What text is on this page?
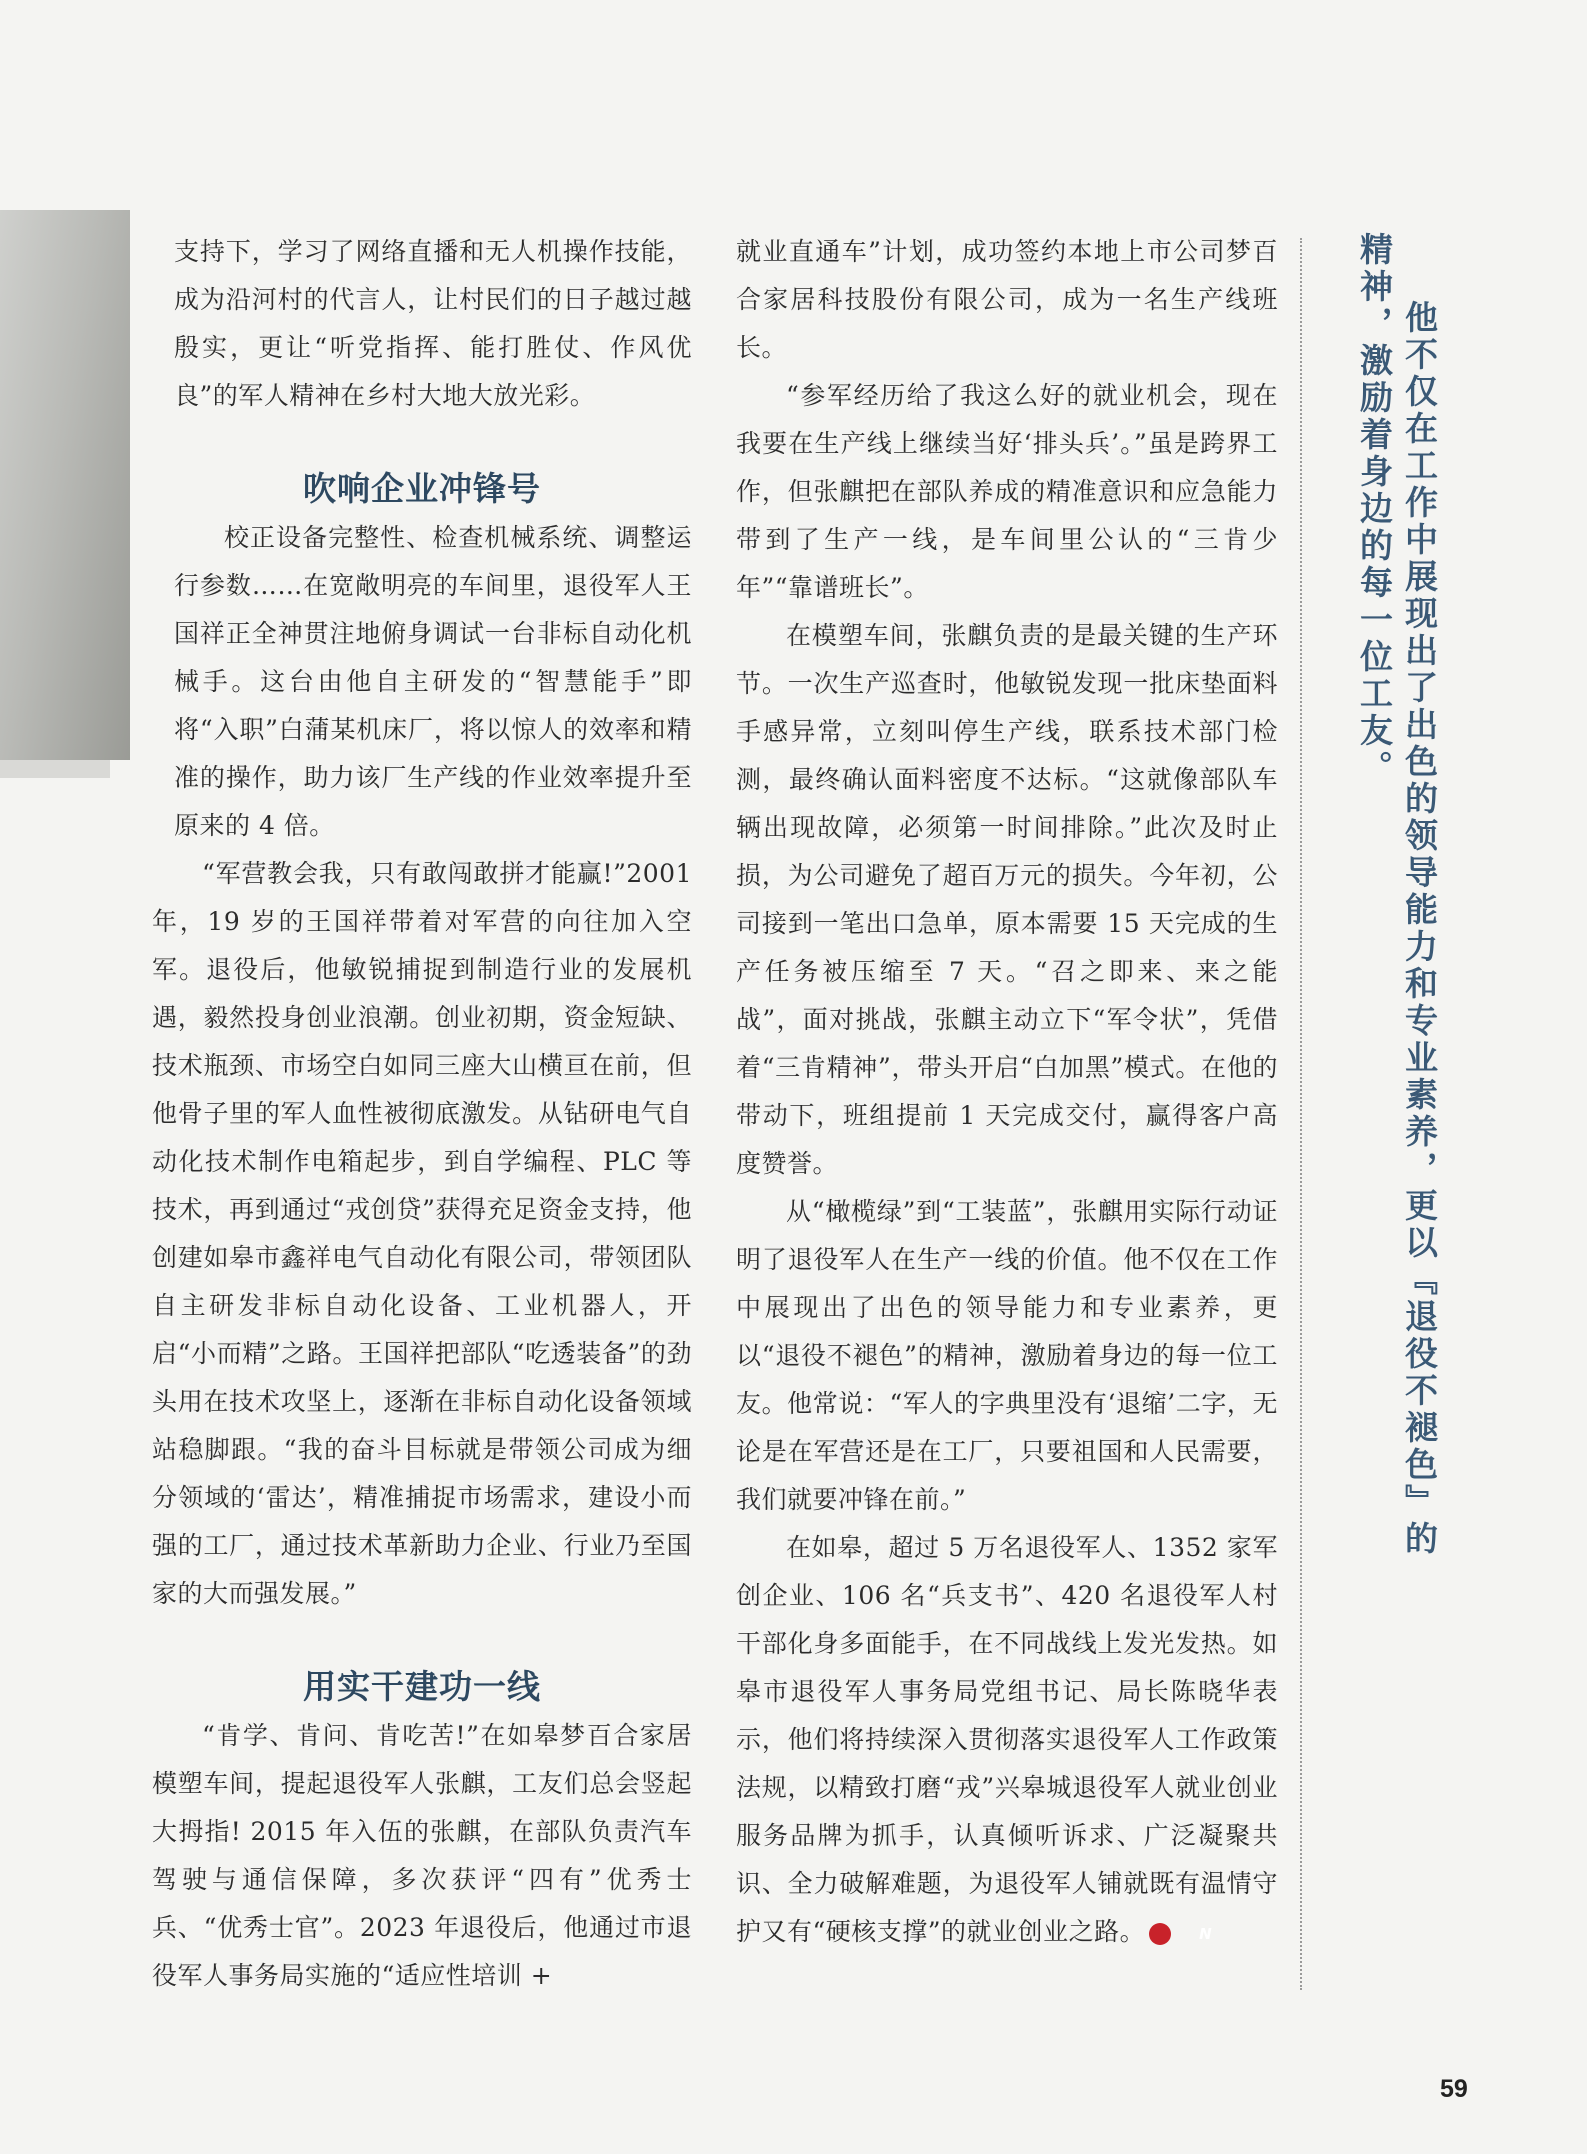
支持下，学习了网络直播和无人机操作技能，成为沿河村的代言人，让村民们的日子越过越殷实，更让“听党指挥、能打胜仗、作风优良”的军人精神在乡村大地大放光彩。

吹响企业冲锋号

校正设备完整性、检查机械系统、调整运行参数……在宽敞明亮的车间里，退役军人王国祥正全神贯注地俯身调试一台非标自动化机械手。这台由他自主研发的“智慧能手”即将“入职”白蒲某机床厂，将以惊人的效率和精准的操作，助力该厂生产线的作业效率提升至原来的 4 倍。

“军营教会我，只有敢闯敢拼才能赢!”2001 年，19 岁的王国祥带着对军营的向往加入空军。退役后，他敏锐捕捉到制造行业的发展机遇，毅然投身创业浪潮。创业初期，资金短缺、技术瓶颈、市场空白如同三座大山横亘在前，但他骨子里的军人血性被彻底激发。从钻研电气自动化技术制作电箱起步，到自学编程、PLC 等技术，再到通过“戎创贷”获得充足资金支持，他创建如皋市鑫祥电气自动化有限公司，带领团队自主研发非标自动化设备、工业机器人，开启“小而精”之路。王国祥把部队“吃透装备”的劲头用在技术攻坚上，逐渐在非标自动化设备领域站稳脚跟。“我的奋斗目标就是带领公司成为细分领域的‘雷达’，精准捕捉市场需求，建设小而强的工厂，通过技术革新助力企业、行业乃至国家的大而强发展。”

用实干建功一线

“肯学、肯问、肯吃苦!”在如皋梦百合家居模塑车间，提起退役军人张麒，工友们总会竖起大拇指! 2015 年入伍的张麒，在部队负责汽车驾驶与通信保障，多次获评“四有”优秀士兵、“优秀士官”。2023 年退役后，他通过市退役军人事务局实施的“适应性培训 +

就业直通车”计划，成功签约本地上市公司梦百合家居科技股份有限公司，成为一名生产线班长。

“参军经历给了我这么好的就业机会，现在我要在生产线上继续当好‘排头兵’。”虽是跨界工作，但张麒把在部队养成的精准意识和应急能力带到了生产一线，是车间里公认的“三肯少年”“靠谱班长”。

在模塑车间，张麒负责的是最关键的生产环节。一次生产巡查时，他敏锐发现一批床垫面料手感异常，立刻叫停生产线，联系技术部门检测，最终确认面料密度不达标。“这就像部队车辆出现故障，必须第一时间排除。”此次及时止损，为公司避免了超百万元的损失。今年初，公司接到一笔出口急单，原本需要 15 天完成的生产任务被压缩至 7 天。“召之即来、来之能战”，面对挑战，张麒主动立下“军令状”，凭借着“三肯精神”，带头开启“白加黑”模式。在他的带动下，班组提前 1 天完成交付，赢得客户高度赞誉。

从“橄榄绿”到“工装蓝”，张麒用实际行动证明了退役军人在生产一线的价值。他不仅在工作中展现出了出色的领导能力和专业素养，更以“退役不褪色”的精神，激励着身边的每一位工友。他常说：“军人的字典里没有‘退缩’二字，无论是在军营还是在工厂，只要祖国和人民需要，我们就要冲锋在前。”

在如皋，超过 5 万名退役军人、1352 家军创企业、106 名“兵支书”、420 名退役军人村干部化身多面能手，在不同战线上发光发热。如皋市退役军人事务局党组书记、局长陈晓华表示，他们将持续深入贯彻落实退役军人工作政策法规，以精致打磨“戎”兴皋城退役军人就业创业服务品牌为抓手，认真倾听诉求、广泛凝聚共识、全力破解难题，为退役军人铺就既有温情守护又有“硬核支撑”的就业创业之路。	N

他不仅在工作中展现出了出色的领导能力和专业素养，更以『退役不褪色』的
精神，激励着身边的每一位工友。
59
